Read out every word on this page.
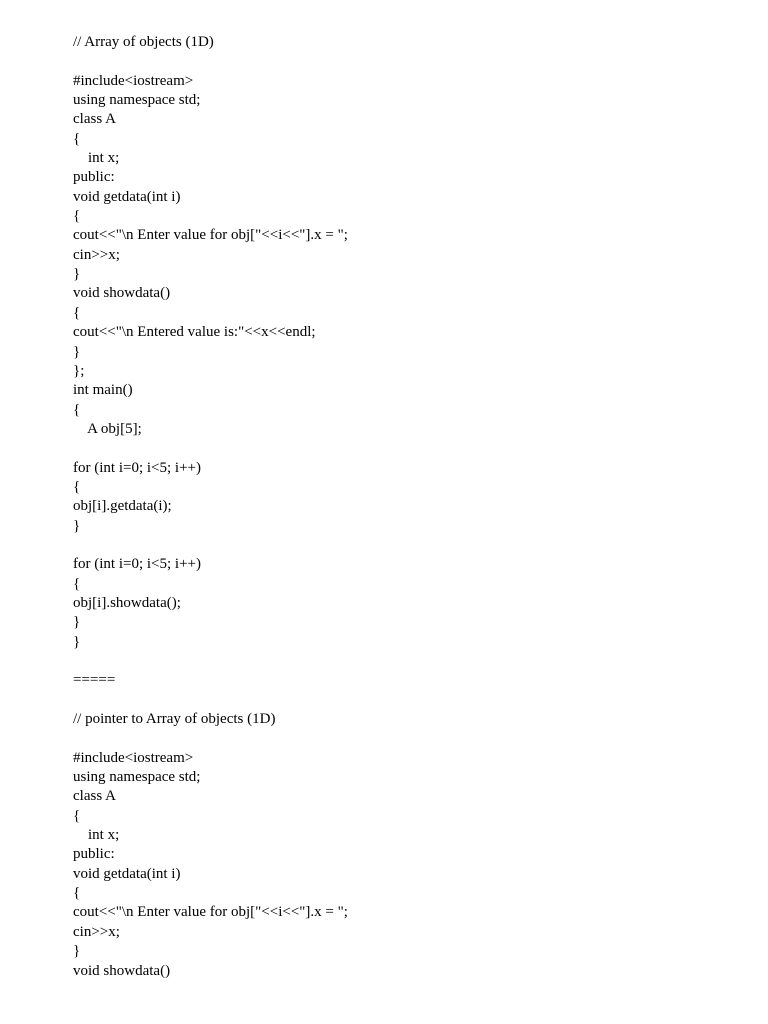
// Array of objects (1D)
#include<iostream>
using namespace std;
class A
{
int x;
public:
void getdata(int i)
{
cout<<"\n Enter value for obj["<<i<<"].x = ";
cin>>x;
}
void showdata()
{
cout<<"\n Entered value is:"<<x<<endl;
}
};
int main()
{
A obj[5];
for (int i=0; i<5; i++)
{
obj[i].getdata(i);
}
for (int i=0; i<5; i++)
{
obj[i].showdata();
}
}
=====
// pointer to Array of objects (1D)
#include<iostream>
using namespace std;
class A
{
int x;
public:
void getdata(int i)
{
cout<<"\n Enter value for obj["<<i<<"].x = ";
cin>>x;
}
void showdata()
